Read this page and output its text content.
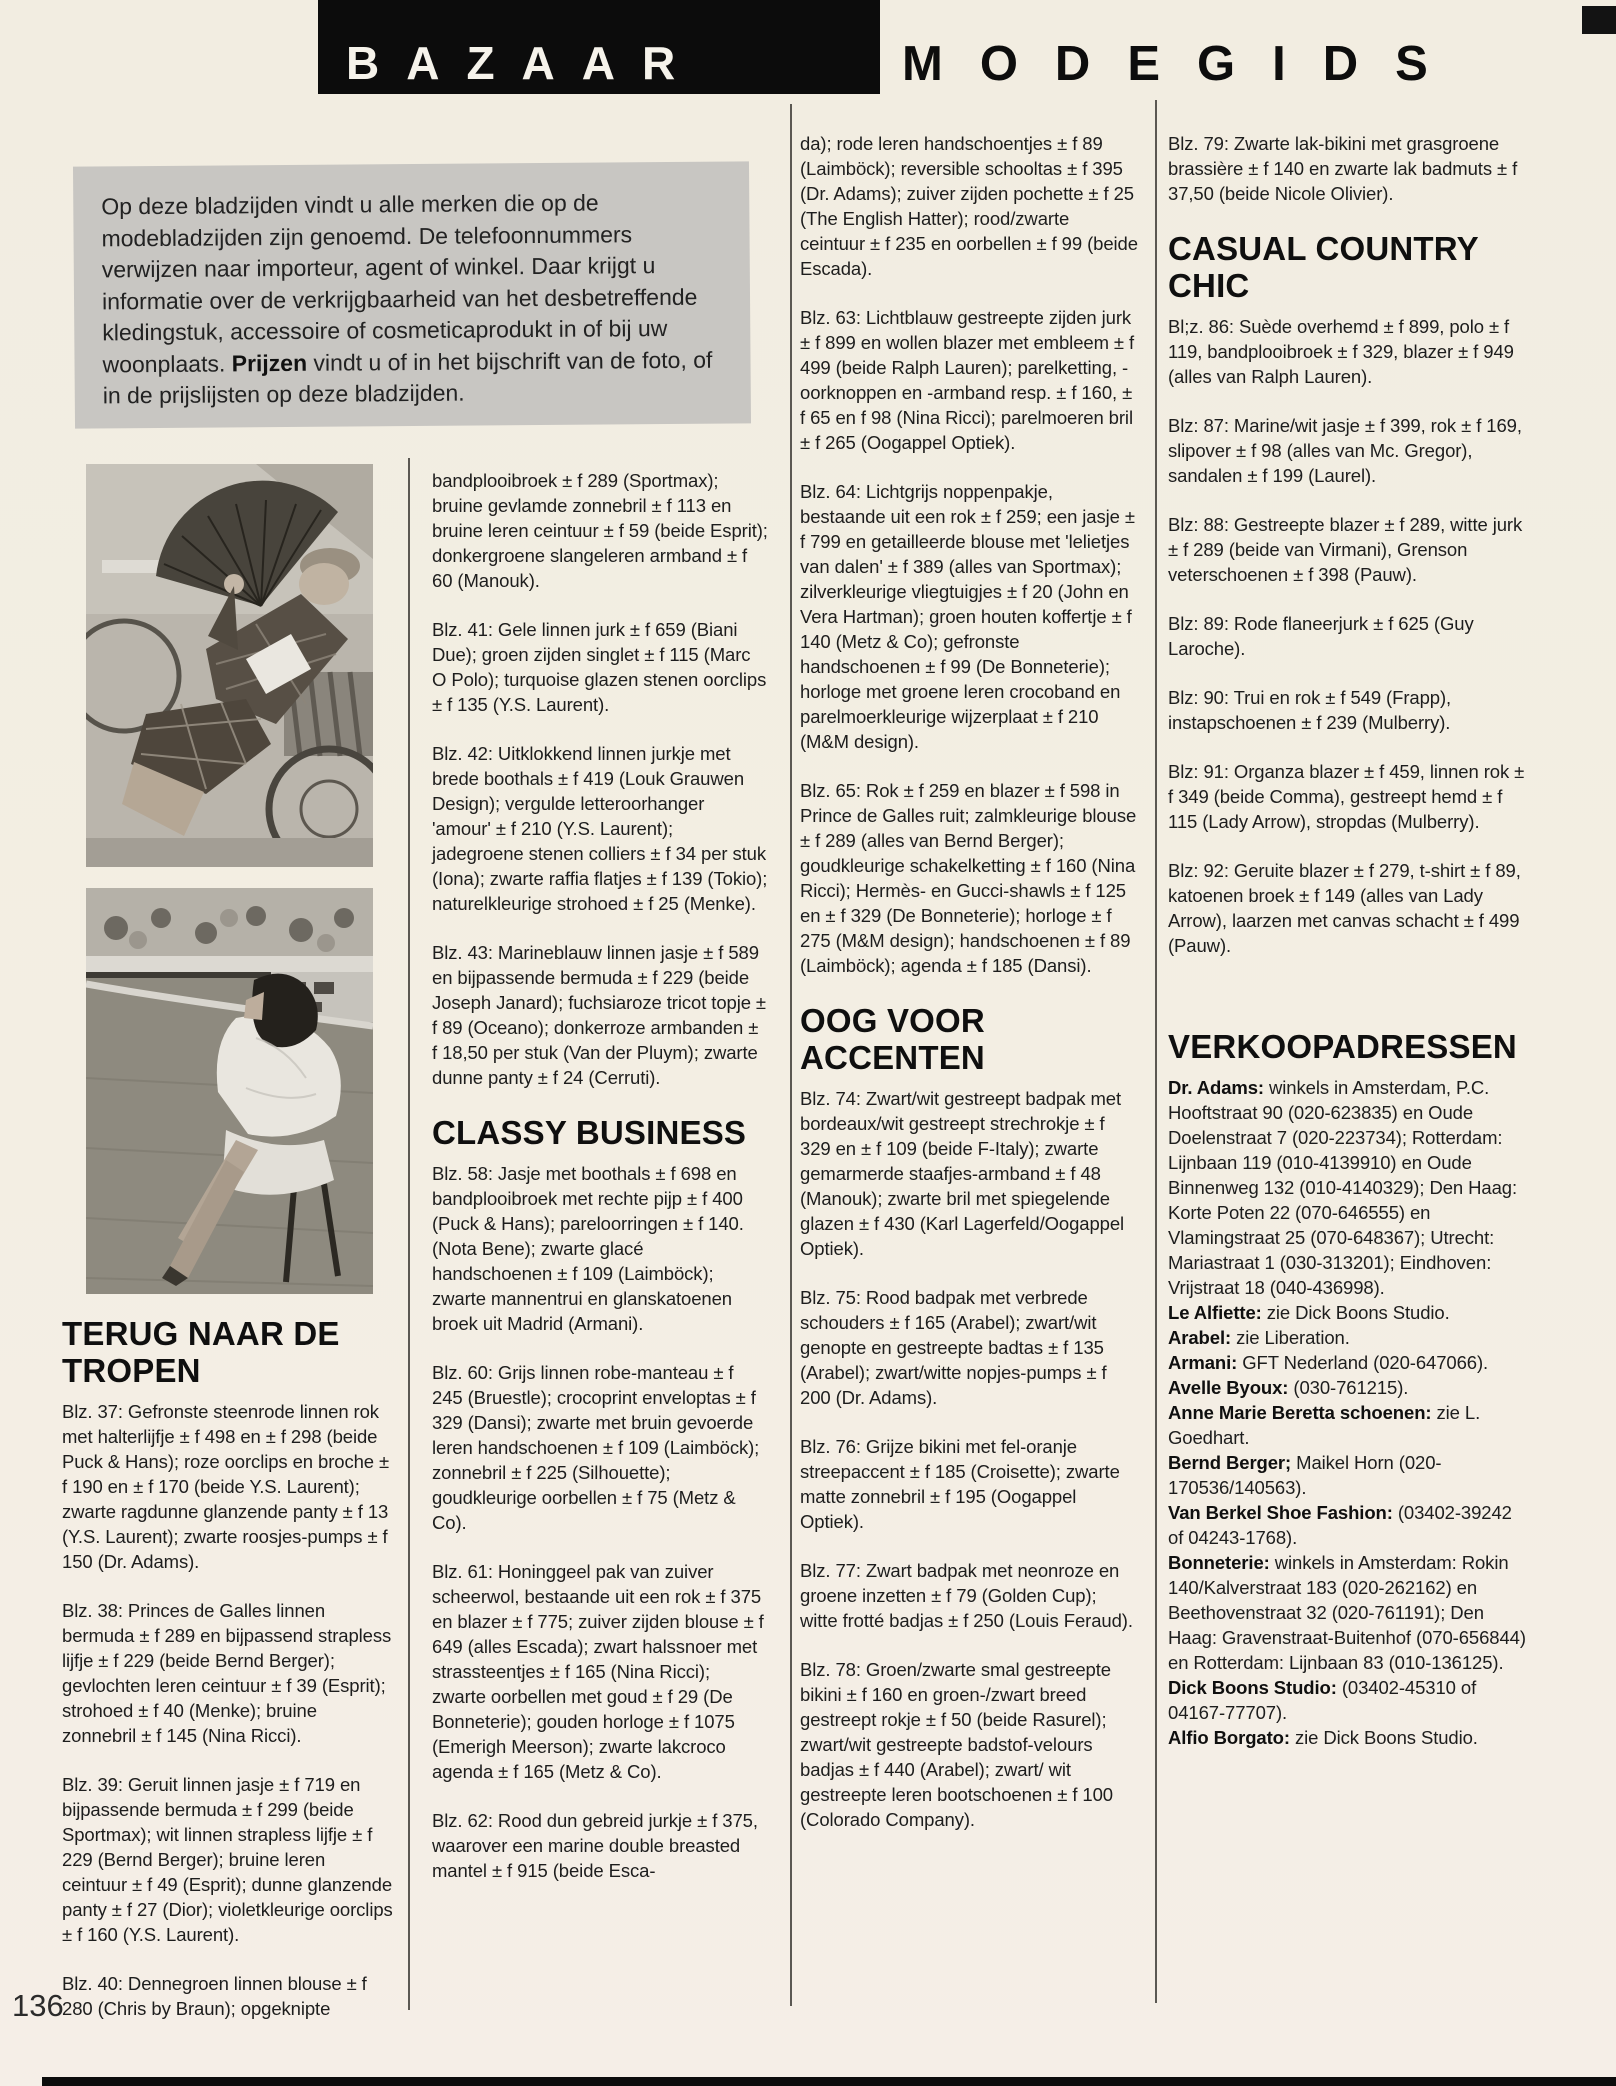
BAZAAR	MODEGIDS
Op deze bladzijden vindt u alle merken die op de modebladzijden zijn genoemd. De telefoonnummers verwijzen naar importeur, agent of winkel. Daar krijgt u informatie over de verkrijgbaarheid van het desbetreffende kledingstuk, accessoire of cosmeticaprodukt in of bij uw woonplaats. Prijzen vindt u of in het bijschrift van de foto, of in de prijslijsten op deze bladzijden.
TERUG NAAR DE TROPEN

Blz. 37: Gefronste steenrode linnen rok met halterlijfje ± f 498 en ± f 298 (beide Puck & Hans); roze oorclips en broche ± f 190 en ± f 170 (beide Y.S. Laurent); zwarte ragdunne glanzende panty ± f 13 (Y.S. Laurent); zwarte roosjes-pumps ± f 150 (Dr. Adams).

Blz. 38: Princes de Galles linnen bermuda ± f 289 en bijpassend strapless lijfje ± f 229 (beide Bernd Berger); gevlochten leren ceintuur ± f 39 (Esprit); strohoed ± f 40 (Menke); bruine zonnebril ± f 145 (Nina Ricci).

Blz. 39: Geruit linnen jasje ± f 719 en bijpassende bermuda ± f 299 (beide Sportmax); wit linnen strapless lijfje ± f 229 (Bernd Berger); bruine leren ceintuur ± f 49 (Esprit); dunne glanzende panty ± f 27 (Dior); violetkleurige oorclips ± f 160 (Y.S. Laurent).

Blz. 40: Dennegroen linnen blouse ± f 280 (Chris by Braun); opgeknipte

bandplooibroek ± f 289 (Sportmax); bruine gevlamde zonnebril ± f 113 en bruine leren ceintuur ± f 59 (beide Esprit); donkergroene slangeleren armband ± f 60 (Manouk).

Blz. 41: Gele linnen jurk ± f 659 (Biani Due); groen zijden singlet ± f 115 (Marc O Polo); turquoise glazen stenen oorclips ± f 135 (Y.S. Laurent).

Blz. 42: Uitklokkend linnen jurkje met brede boothals ± f 419 (Louk Grauwen Design); vergulde letteroorhanger 'amour' ± f 210 (Y.S. Laurent); jadegroene stenen colliers ± f 34 per stuk (Iona); zwarte raffia flatjes ± f 139 (Tokio); naturelkleurige strohoed ± f 25 (Menke).

Blz. 43: Marineblauw linnen jasje ± f 589 en bijpassende bermuda ± f 229 (beide Joseph Janard); fuchsiaroze tricot topje ± f 89 (Oceano); donkerroze armbanden ± f 18,50 per stuk (Van der Pluym); zwarte dunne panty ± f 24 (Cerruti).

CLASSY BUSINESS

Blz. 58: Jasje met boothals ± f 698 en bandplooibroek met rechte pijp ± f 400 (Puck & Hans); pareloorringen ± f 140. (Nota Bene); zwarte glacé handschoenen ± f 109 (Laimböck); zwarte mannentrui en glanskatoenen broek uit Madrid (Armani).

Blz. 60: Grijs linnen robe-manteau ± f 245 (Bruestle); crocoprint enveloptas ± f 329 (Dansi); zwarte met bruin gevoerde leren handschoenen ± f 109 (Laimböck); zonnebril ± f 225 (Silhouette); goudkleurige oorbellen ± f 75 (Metz & Co).

Blz. 61: Honinggeel pak van zuiver scheerwol, bestaande uit een rok ± f 375 en blazer ± f 775; zuiver zijden blouse ± f 649 (alles Escada); zwart halssnoer met strassteentjes ± f 165 (Nina Ricci); zwarte oorbellen met goud ± f 29 (De Bonneterie); gouden horloge ± f 1075 (Emerigh Meerson); zwarte lakcroco agenda ± f 165 (Metz & Co).

Blz. 62: Rood dun gebreid jurkje ± f 375, waarover een marine double breasted mantel ± f 915 (beide Esca-

da); rode leren handschoentjes ± f 89 (Laimböck); reversible schooltas ± f 395 (Dr. Adams); zuiver zijden pochette ± f 25 (The English Hatter); rood/zwarte ceintuur ± f 235 en oorbellen ± f 99 (beide Escada).

Blz. 63: Lichtblauw gestreepte zijden jurk ± f 899 en wollen blazer met embleem ± f 499 (beide Ralph Lauren); parelketting, -oorknoppen en -armband resp. ± f 160, ± f 65 en f 98 (Nina Ricci); parelmoeren bril ± f 265 (Oogappel Optiek).

Blz. 64: Lichtgrijs noppenpakje, bestaande uit een rok ± f 259; een jasje ± f 799 en getailleerde blouse met 'lelietjes van dalen' ± f 389 (alles van Sportmax); zilverkleurige vliegtuigjes ± f 20 (John en Vera Hartman); groen houten koffertje ± f 140 (Metz & Co); gefronste handschoenen ± f 99 (De Bonneterie); horloge met groene leren crocoband en parelmoerkleurige wijzerplaat ± f 210 (M&M design).

Blz. 65: Rok ± f 259 en blazer ± f 598 in Prince de Galles ruit; zalmkleurige blouse ± f 289 (alles van Bernd Berger); goudkleurige schakelketting ± f 160 (Nina Ricci); Hermès- en Gucci-shawls ± f 125 en ± f 329 (De Bonneterie); horloge ± f 275 (M&M design); handschoenen ± f 89 (Laimböck); agenda ± f 185 (Dansi).

OOG VOOR ACCENTEN

Blz. 74: Zwart/wit gestreept badpak met bordeaux/wit gestreept strechrokje ± f 329 en ± f 109 (beide F-Italy); zwarte gemarmerde staafjes-armband ± f 48 (Manouk); zwarte bril met spiegelende glazen ± f 430 (Karl Lagerfeld/Oogappel Optiek).

Blz. 75: Rood badpak met verbrede schouders ± f 165 (Arabel); zwart/wit genopte en gestreepte badtas ± f 135 (Arabel); zwart/witte nopjes-pumps ± f 200 (Dr. Adams).

Blz. 76: Grijze bikini met fel-oranje streepaccent ± f 185 (Croisette); zwarte matte zonnebril ± f 195 (Oogappel Optiek).

Blz. 77: Zwart badpak met neonroze en groene inzetten ± f 79 (Golden Cup); witte frotté badjas ± f 250 (Louis Feraud).

Blz. 78: Groen/zwarte smal gestreepte bikini ± f 160 en groen-/zwart breed gestreept rokje ± f 50 (beide Rasurel); zwart/wit gestreepte badstof-velours badjas ± f 440 (Arabel); zwart/ wit gestreepte leren bootschoenen ± f 100 (Colorado Company).

Blz. 79: Zwarte lak-bikini met grasgroene brassière ± f 140 en zwarte lak badmuts ± f 37,50 (beide Nicole Olivier).

CASUAL COUNTRY CHIC

Bl;z. 86: Suède overhemd ± f 899, polo ± f 119, bandplooibroek ± f 329, blazer ± f 949 (alles van Ralph Lauren).

Blz: 87: Marine/wit jasje ± f 399, rok ± f 169, slipover ± f 98 (alles van Mc. Gregor), sandalen ± f 199 (Laurel).

Blz: 88: Gestreepte blazer ± f 289, witte jurk ± f 289 (beide van Virmani), Grenson veterschoenen ± f 398 (Pauw).

Blz: 89: Rode flaneerjurk ± f 625 (Guy Laroche).

Blz: 90: Trui en rok ± f 549 (Frapp), instapschoenen ± f 239 (Mulberry).

Blz: 91: Organza blazer ± f 459, linnen rok ± f 349 (beide Comma), gestreept hemd ± f 115 (Lady Arrow), stropdas (Mulberry).

Blz: 92: Geruite blazer ± f 279, t-shirt ± f 89, katoenen broek ± f 149 (alles van Lady Arrow), laarzen met canvas schacht ± f 499 (Pauw).

VERKOOPADRESSEN
Dr. Adams: winkels in Amsterdam, P.C. Hooftstraat 90 (020-623835) en Oude Doelenstraat 7 (020-223734); Rotterdam: Lijnbaan 119 (010-4139910) en Oude Binnenweg 132 (010-4140329); Den Haag: Korte Poten 22 (070-646555) en Vlamingstraat 25 (070-648367); Utrecht: Mariastraat 1 (030-313201); Eindhoven: Vrijstraat 18 (040-436998).
Le Alfiette: zie Dick Boons Studio.
Arabel: zie Liberation.
Armani: GFT Nederland (020-647066).
Avelle Byoux: (030-761215).
Anne Marie Beretta schoenen: zie L. Goedhart.
Bernd Berger; Maikel Horn (020-170536/140563).
Van Berkel Shoe Fashion: (03402-39242 of 04243-1768).
Bonneterie: winkels in Amsterdam: Rokin 140/Kalverstraat 183 (020-262162) en Beethovenstraat 32 (020-761191); Den Haag: Gravenstraat-Buitenhof (070-656844) en Rotterdam: Lijnbaan 83 (010-136125).
Dick Boons Studio: (03402-45310 of 04167-77707).
Alfio Borgato: zie Dick Boons Studio.
136
